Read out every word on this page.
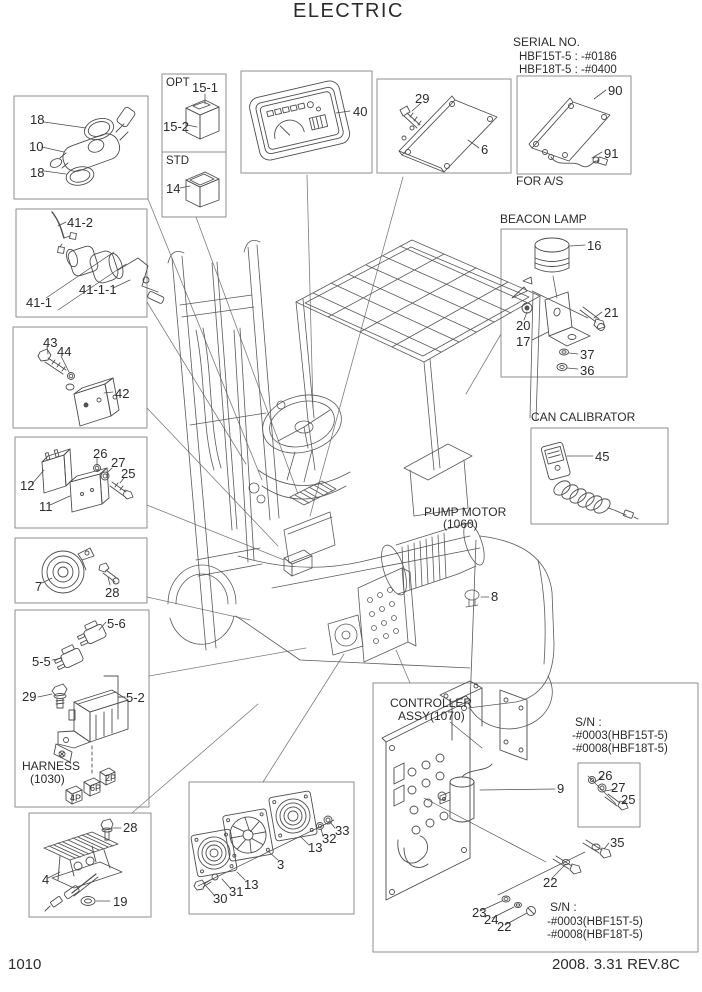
ELECTRIC
SERIAL NO.
HBF15T-5 : -#0186
HBF18T-5 : -#0400
18
10
18
OPT 15-1
15-2
STD
14
40
29
6
90
91
FOR A/S
BEACON LAMP
16
20
17
21
37
36
CAN CALIBRATOR
45
41-2
41-1-1
41-1
43
44
42
26
27
25
12
11
7	28
5-6
5-5
29	5-2
HARNESS
(1030)
4P
6P
2P
28
4
19
33
32
13
3
13
31
30
CONTROLLER
ASSY(1070)	S/N :
-#0003(HBF15T-5)
-#0008(HBF18T-5)
26
27
25
9
35
22
23
24
22
S/N :
-#0003(HBF15T-5)
-#0008(HBF18T-5)
PUMP MOTOR
(1060)
8
1010	2008. 3.31 REV.8C
